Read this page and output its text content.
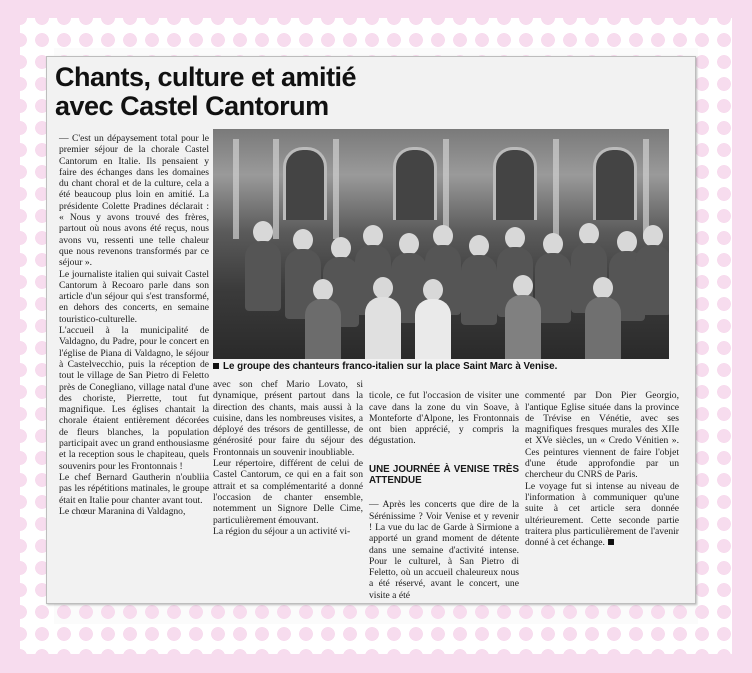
Chants, culture et amitié
avec Castel Cantorum
— C'est un dépaysement total pour le premier séjour de la chorale Castel Cantorum en Italie. Ils pensaient y faire des échanges dans les domaines du chant choral et de la culture, cela a été beaucoup plus loin en amitié. La présidente Colette Pradines déclarait : « Nous y avons trouvé des frères, partout où nous avons été reçus, nous avons vu, ressenti une telle chaleur que nous revenons transformés par ce séjour ».
Le journaliste italien qui suivait Castel Cantorum à Recoaro parle dans son article d'un séjour qui s'est transformé, en dehors des concerts, en semaine touristico-culturelle.
L'accueil à la municipalité de Valdagno, du Padre, pour le concert en l'église de Piana di Valdagno, le séjour à Castelvecchio, puis la réception de tout le village de San Pietro di Feletto près de Conegliano, village natal d'une des choriste, Pierrette, tout fut magnifique. Les églises chantait la chorale étaient entièrement décorées de fleurs blanches, la population participait avec un grand enthousiasme et la reception sous le chapiteau, quels souvenirs pour les Frontonnais !
Le chef Bernard Gautherin n'oubliia pas les répétitions matinales, le groupe était en Italie pour chanter avant tout.
Le chœur Maranina di Valdagno,
Le groupe des chanteurs franco-italien sur la place Saint Marc à Venise.
avec son chef Mario Lovato, si dynamique, présent partout dans la direction des chants, mais aussi à la cuisine, dans les nombreuses visites, a déployé des trésors de gentillesse, de générosité pour faire du séjour des Frontonnais un souvenir inoubliable.
Leur répertoire, différent de celui de Castel Cantorum, ce qui en a fait son attrait et sa complémentarité a donné l'occasion de chanter ensemble, notemment un Signore Delle Cime, particulièrement émouvant.
La région du séjour a un activité vi-

ticole, ce fut l'occasion de visiter une cave dans la zone du vin Soave, à Monteforte d'Alpone, les Frontonnais ont bien apprécié, y compris la dégustation.

UNE JOURNÉE À VENISE TRÈS ATTENDUE

— Après les concerts que dire de la Sérénissime ? Voir Venise et y revenir ! La vue du lac de Garde à Sirmione a apporté un grand moment de détente dans une semaine d'activité intense. Pour le culturel, à San Pietro di Feletto, où un accueil chaleureux nous a été réservé, avant le concert, une visite a été

commenté par Don Pier Georgio, l'antique Eglise située dans la province de Trévise en Vénétie, avec ses magnifiques fresques murales des XIIe et XVe siècles, un « Credo Vénitien ». Ces peintures viennent de faire l'objet d'une étude approfondie par un chercheur du CNRS de Paris.
Le voyage fut si intense au niveau de l'information à communiquer qu'une suite à cet article sera donnée ultérieurement. Cette seconde partie traitera plus particulièrement de l'avenir donné à cet échange.
